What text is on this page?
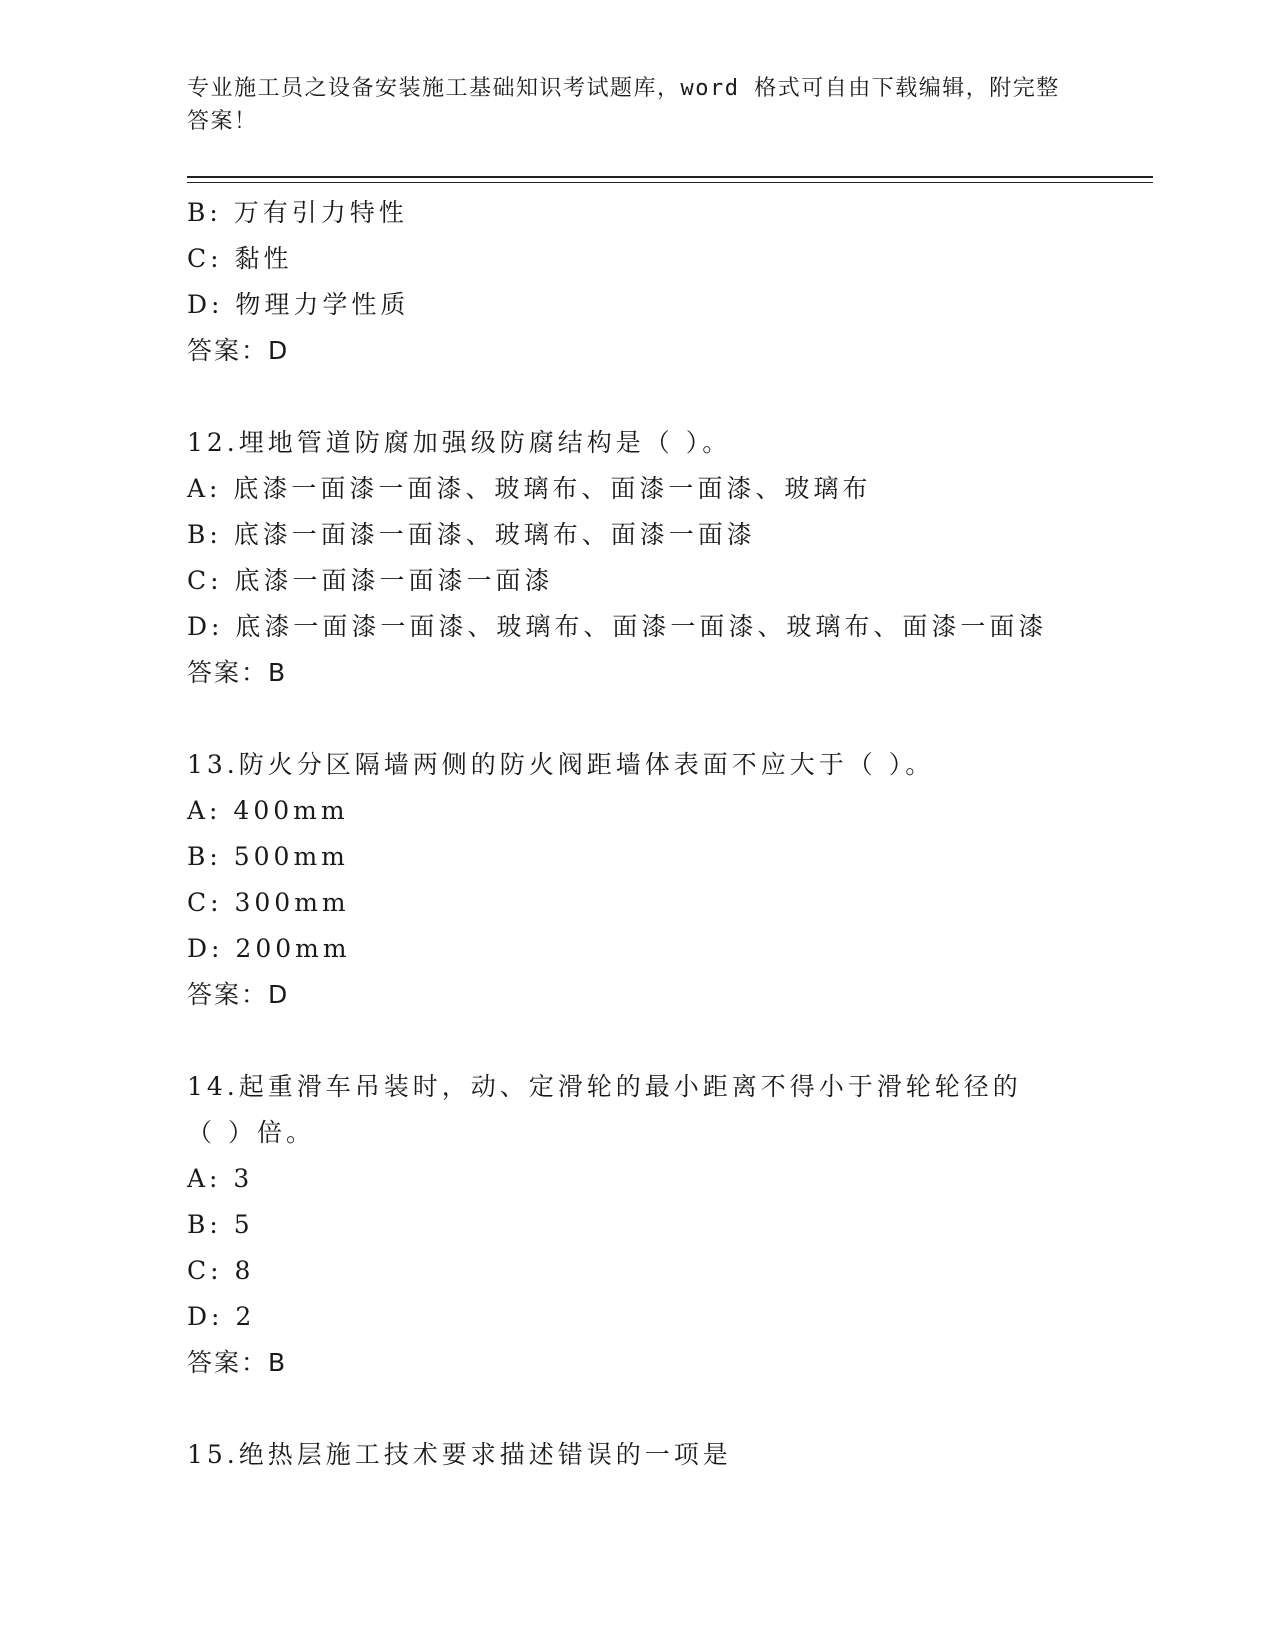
专业施工员之设备安装施工基础知识考试题库，word 格式可自由下载编辑，附完整答案！
B: 万有引力特性
C: 黏性
D: 物理力学性质
答案：D
12.埋地管道防腐加强级防腐结构是（ ）。
A: 底漆一面漆一面漆、玻璃布、面漆一面漆、玻璃布
B: 底漆一面漆一面漆、玻璃布、面漆一面漆
C: 底漆一面漆一面漆一面漆
D: 底漆一面漆一面漆、玻璃布、面漆一面漆、玻璃布、面漆一面漆
答案：B
13.防火分区隔墙两侧的防火阀距墙体表面不应大于（ ）。
A: 400mm
B: 500mm
C: 300mm
D: 200mm
答案：D
14.起重滑车吊装时，动、定滑轮的最小距离不得小于滑轮轮径的（ ）倍。
A: 3
B: 5
C: 8
D: 2
答案：B
15.绝热层施工技术要求描述错误的一项是
